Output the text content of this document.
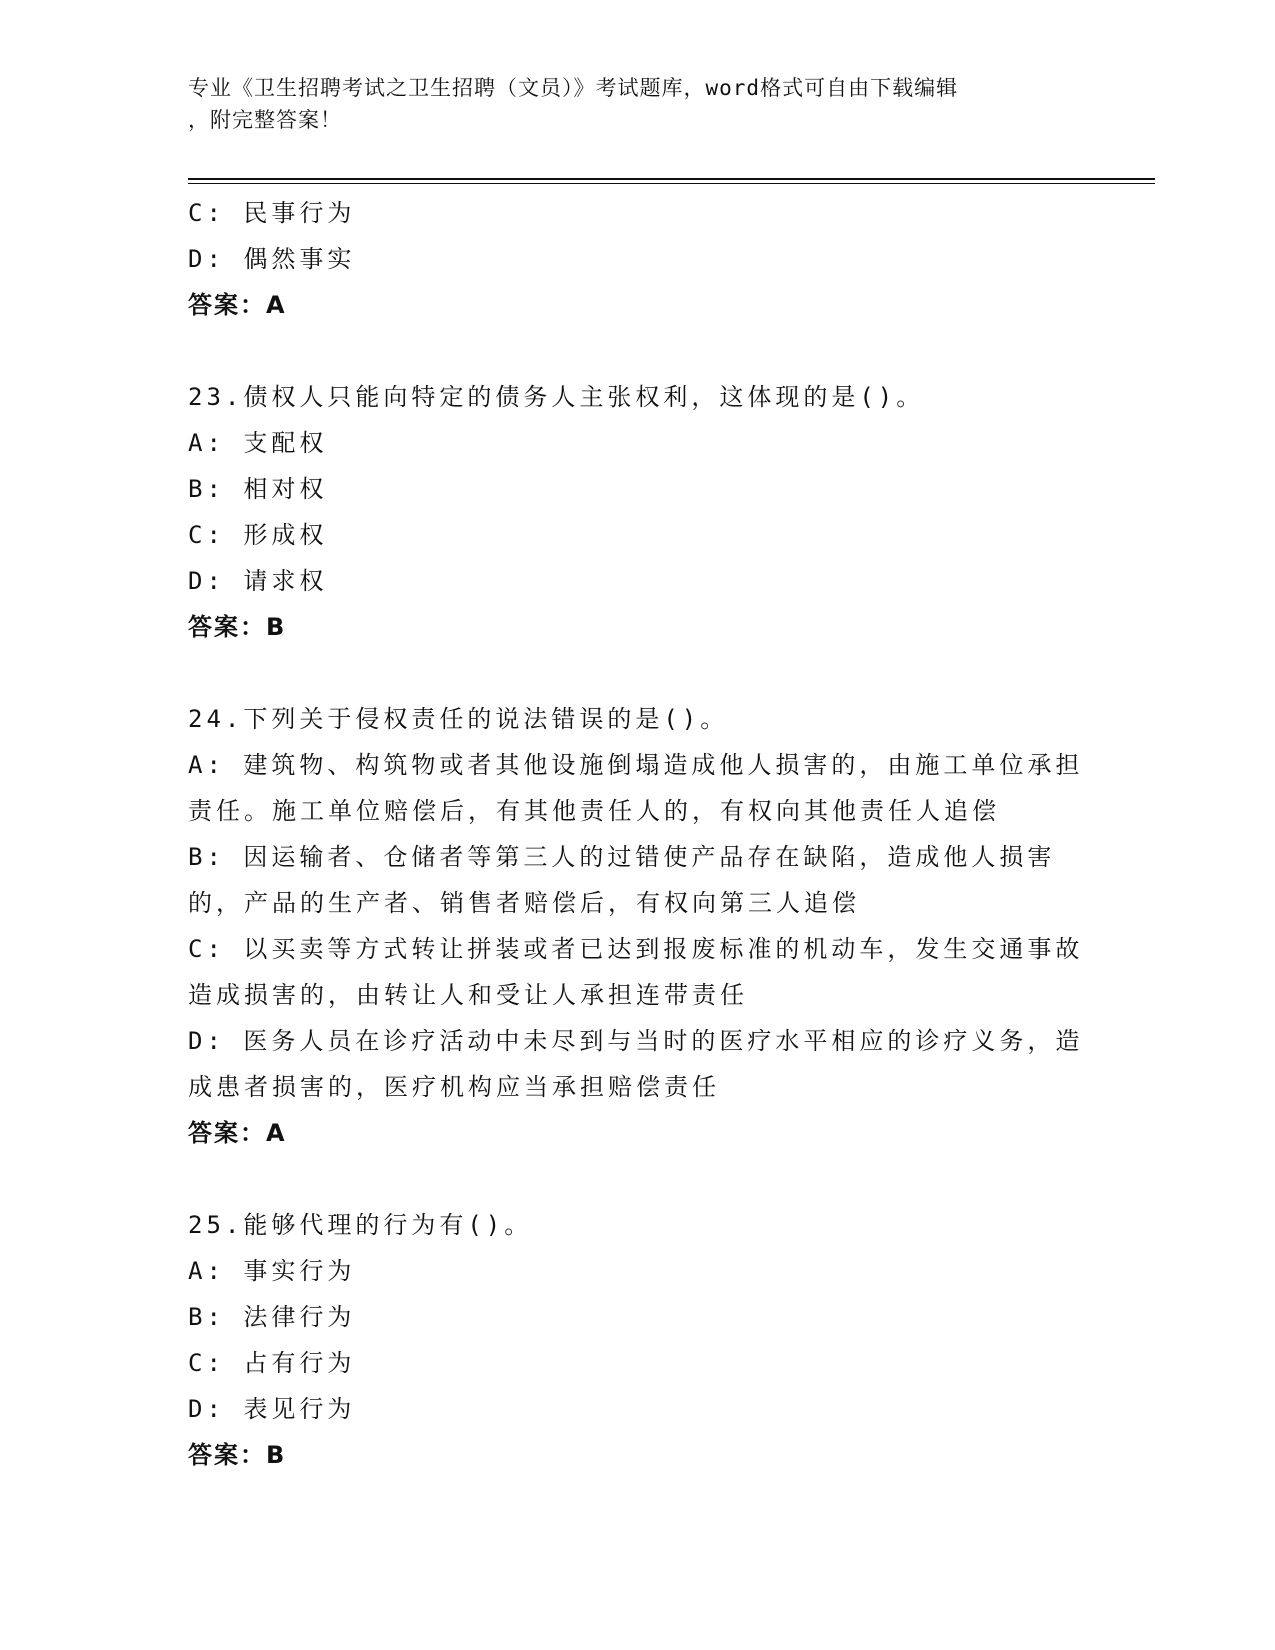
专业《卫生招聘考试之卫生招聘（文员）》考试题库，word格式可自由下载编辑
，附完整答案！
C: 民事行为
D: 偶然事实
答案：A
23.债权人只能向特定的债务人主张权利，这体现的是()。
A: 支配权
B: 相对权
C: 形成权
D: 请求权
答案：B
24.下列关于侵权责任的说法错误的是()。
A: 建筑物、构筑物或者其他设施倒塌造成他人损害的，由施工单位承担责任。施工单位赔偿后，有其他责任人的，有权向其他责任人追偿
B: 因运输者、仓储者等第三人的过错使产品存在缺陷，造成他人损害的，产品的生产者、销售者赔偿后，有权向第三人追偿
C: 以买卖等方式转让拼装或者已达到报废标准的机动车，发生交通事故造成损害的，由转让人和受让人承担连带责任
D: 医务人员在诊疗活动中未尽到与当时的医疗水平相应的诊疗义务，造成患者损害的，医疗机构应当承担赔偿责任
答案：A
25.能够代理的行为有()。
A: 事实行为
B: 法律行为
C: 占有行为
D: 表见行为
答案：B
